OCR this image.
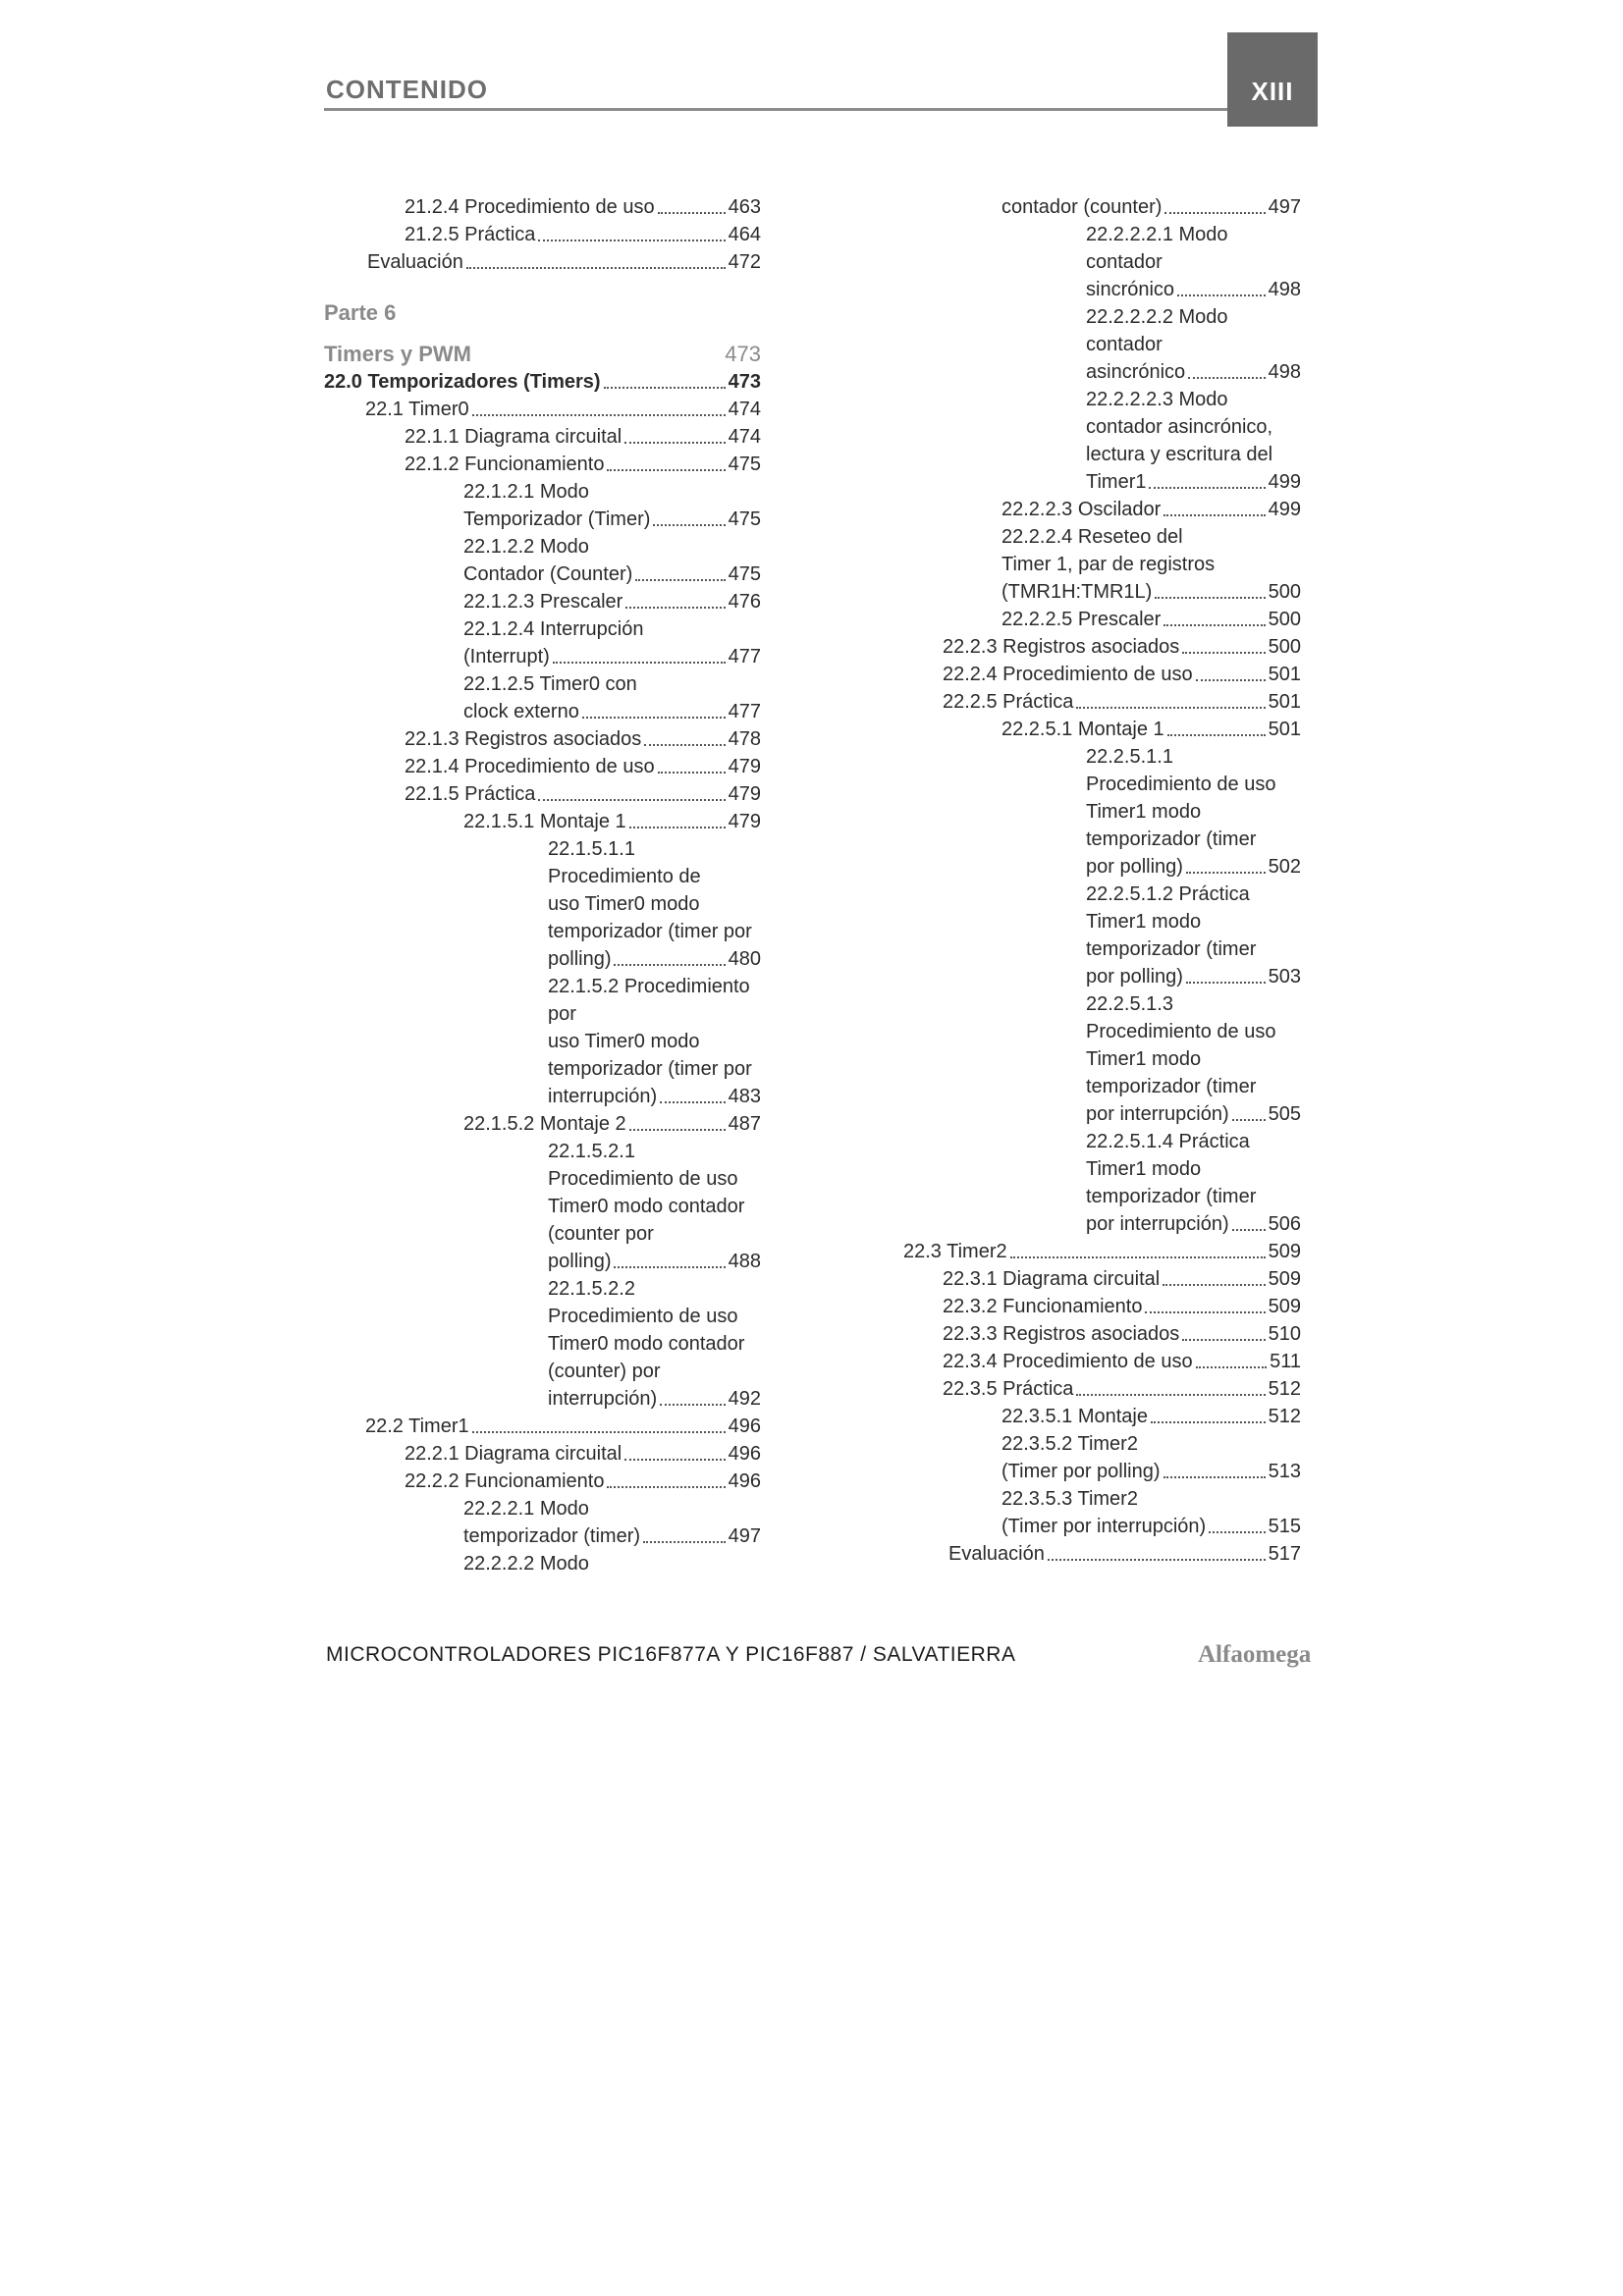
CONTENIDO	XIII
21.2.4 Procedimiento de uso	463
21.2.5 Práctica	464
Evaluación	472
Parte 6
Timers y PWM	473
22.0 Temporizadores (Timers)	473
22.1 Timer0	474
22.1.1 Diagrama circuital	474
22.1.2 Funcionamiento	475
22.1.2.1 Modo
Temporizador (Timer)	475
22.1.2.2 Modo
Contador (Counter)	475
22.1.2.3 Prescaler	476
22.1.2.4 Interrupción
(Interrupt)	477
22.1.2.5 Timer0 con
clock externo	477
22.1.3 Registros asociados	478
22.1.4 Procedimiento de uso	479
22.1.5 Práctica	479
22.1.5.1 Montaje 1	479
22.1.5.1.1
Procedimiento de
uso Timer0 modo
temporizador (timer por
polling)	480
22.1.5.2 Procedimiento
por
uso Timer0 modo
temporizador (timer por
interrupción)	483
22.1.5.2 Montaje 2	487
22.1.5.2.1
Procedimiento de uso
Timer0 modo contador
(counter por
polling)	488
22.1.5.2.2
Procedimiento de uso
Timer0 modo contador
(counter) por
interrupción)	492
22.2 Timer1	496
22.2.1 Diagrama circuital	496
22.2.2 Funcionamiento	496
22.2.2.1 Modo
temporizador (timer)	497
22.2.2.2 Modo
contador (counter)	497
22.2.2.2.1 Modo
contador
sincrónico	498
22.2.2.2.2 Modo
contador
asincrónico	498
22.2.2.2.3 Modo
contador asincrónico,
lectura y escritura del
Timer1	499
22.2.2.3 Oscilador	499
22.2.2.4 Reseteo del
Timer 1, par de registros
(TMR1H:TMR1L)	500
22.2.2.5 Prescaler	500
22.2.3 Registros asociados	500
22.2.4 Procedimiento de uso	501
22.2.5 Práctica	501
22.2.5.1 Montaje 1	501
22.2.5.1.1
Procedimiento de uso
Timer1 modo
temporizador (timer
por polling)	502
22.2.5.1.2 Práctica
Timer1 modo
temporizador (timer
por polling)	503
22.2.5.1.3
Procedimiento de uso
Timer1 modo
temporizador (timer
por interrupción) 505
22.2.5.1.4 Práctica
Timer1 modo
temporizador (timer
por interrupción) 506
22.3 Timer2	509
22.3.1 Diagrama circuital	509
22.3.2 Funcionamiento	509
22.3.3 Registros asociados	510
22.3.4 Procedimiento de uso	511
22.3.5 Práctica	512
22.3.5.1 Montaje	512
22.3.5.2 Timer2
(Timer por polling)	513
22.3.5.3 Timer2
(Timer por interrupción)	515
Evaluación	517
MICROCONTROLADORES PIC16F877A Y PIC16F887 / SALVATIERRA	Alfaomega
